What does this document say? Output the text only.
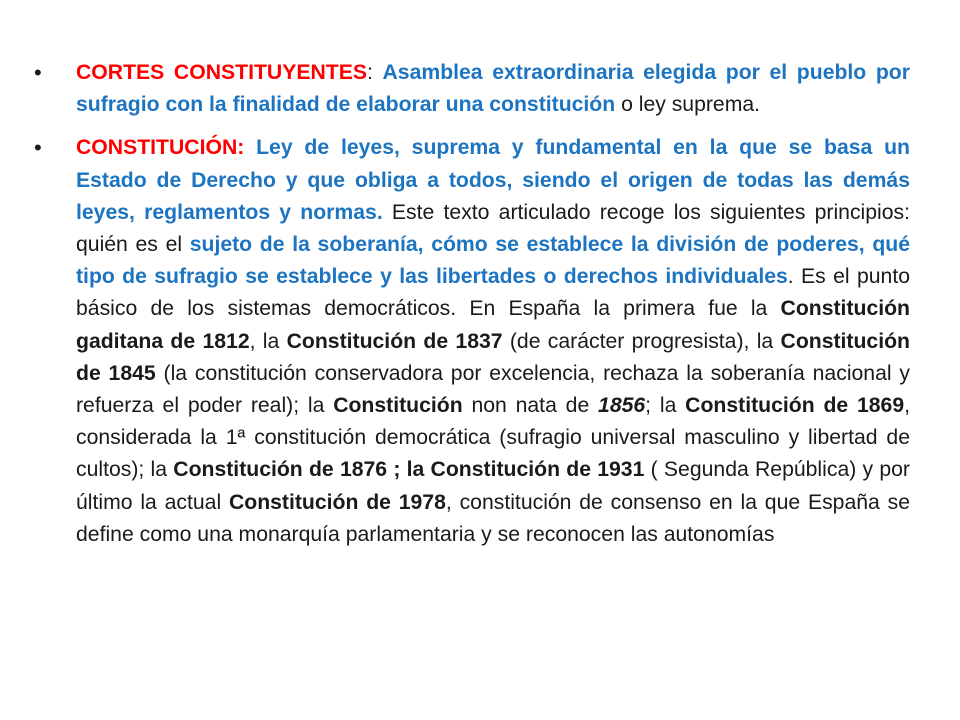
• CORTES CONSTITUYENTES: Asamblea extraordinaria elegida por el pueblo por sufragio con la finalidad de elaborar una constitución o ley suprema.
• CONSTITUCIÓN: Ley de leyes, suprema y fundamental en la que se basa un Estado de Derecho y que obliga a todos, siendo el origen de todas las demás leyes, reglamentos y normas. Este texto articulado recoge los siguientes principios: quién es el sujeto de la soberanía, cómo se establece la división de poderes, qué tipo de sufragio se establece y las libertades o derechos individuales. Es el punto básico de los sistemas democráticos. En España la primera fue la Constitución gaditana de 1812, la Constitución de 1837 (de carácter progresista), la Constitución de 1845 (la constitución conservadora por excelencia, rechaza la soberanía nacional y refuerza el poder real); la Constitución non nata de 1856; la Constitución de 1869, considerada la 1ª constitución democrática (sufragio universal masculino y libertad de cultos); la Constitución de 1876 ; la Constitución de 1931 ( Segunda República) y por último la actual Constitución de 1978, constitución de consenso en la que España se define como una monarquía parlamentaria y se reconocen las autonomías
